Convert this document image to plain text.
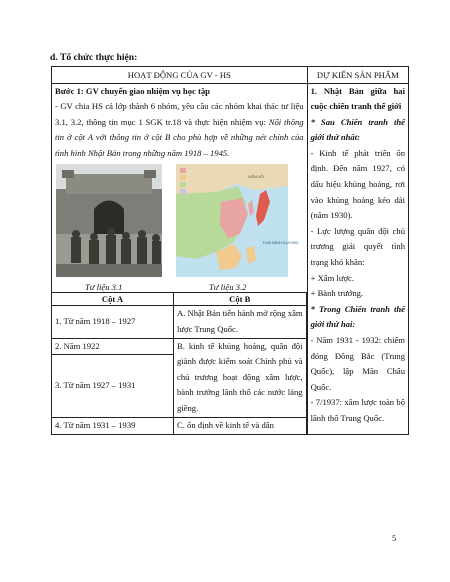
d. Tổ chức thực hiện:
HOẠT ĐỘNG CỦA GV - HS	DỰ KIẾN SẢN PHẨM

Bước 1: GV chuyển giao nhiệm vụ học tập

- GV chia HS cả lớp thành 6 nhóm, yêu cầu các nhóm khai thác tư liệu 3.1, 3.2, thông tin mục 1 SGK tr.18 và thực hiện nhiệm vụ: Nối thông tin ở cột A với thông tin ở cột B cho phù hợp về những nét chính của tình hình Nhật Bản trong những năm 1918 – 1945.

LIÊN XÔ
THÁI BÌNH DƯƠNG
Tư liệu 3.1	Tư liệu 3.2
Cột A	Cột B
1. Từ năm 1918 – 1927	A. Nhật Bản tiến hành mở rộng xâm lược Trung Quốc.
2. Năm 1922	B. kinh tế khủng hoảng, quân đội giành được kiểm soát Chính phủ và chủ trương hoạt động xâm lược, bành trướng lãnh thổ các nước láng giềng.
3. Từ năm 1927 – 1931
4. Từ năm 1931 – 1939	C. ổn định về kinh tế và dân

1. Nhật Bản giữa hai cuộc chiến tranh thế giới

* Sau Chiến tranh thế giới thứ nhất:

- Kinh tế phát triển ổn định. Đến năm 1927, có dấu hiệu khủng hoảng, rơi vào khủng hoảng kéo dài (năm 1930).

- Lực lượng quân đội chủ trương giải quyết tình trạng khó khăn:

+ Xâm lược.

+ Bành trướng.

* Trong Chiến tranh thế giới thứ hai:

- Năm 1931 - 1932: chiếm đóng Đông Bắc (Trung Quốc), lập Mãn Châu Quốc.

- 7/1937: xâm lược toàn bộ lãnh thổ Trung Quốc.

5
